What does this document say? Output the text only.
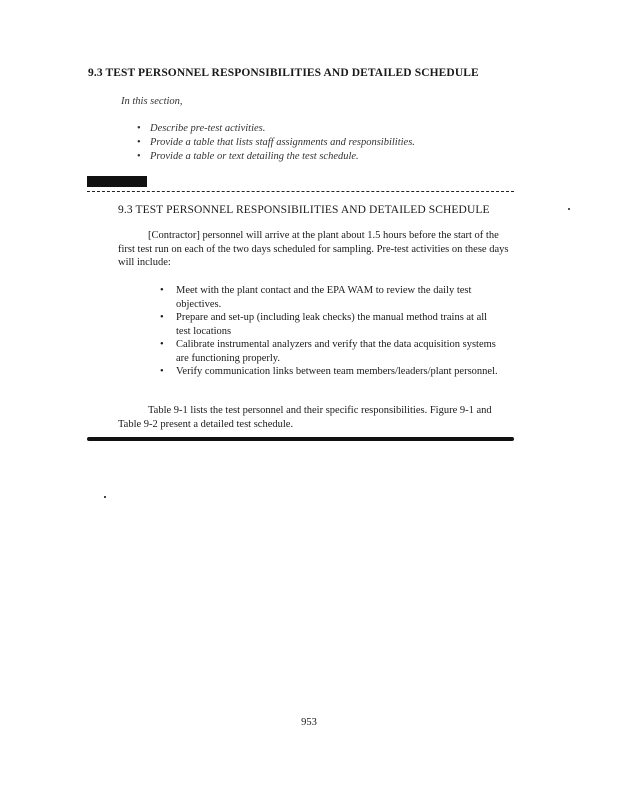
9.3 TEST PERSONNEL RESPONSIBILITIES AND DETAILED SCHEDULE
In this section,
• Describe pre-test activities.
• Provide a table that lists staff assignments and responsibilities.
• Provide a table or text detailing the test schedule.
9.3 TEST PERSONNEL RESPONSIBILITIES AND DETAILED SCHEDULE

[Contractor] personnel will arrive at the plant about 1.5 hours before the start of the first test run on each of the two days scheduled for sampling. Pre-test activities on these days will include:

• Meet with the plant contact and the EPA WAM to review the daily test objectives.
• Prepare and set-up (including leak checks) the manual method trains at all test locations
• Calibrate instrumental analyzers and verify that the data acquisition systems are functioning properly.
• Verify communication links between team members/leaders/plant personnel.

Table 9-1 lists the test personnel and their specific responsibilities. Figure 9-1 and Table 9-2 present a detailed test schedule.

953
